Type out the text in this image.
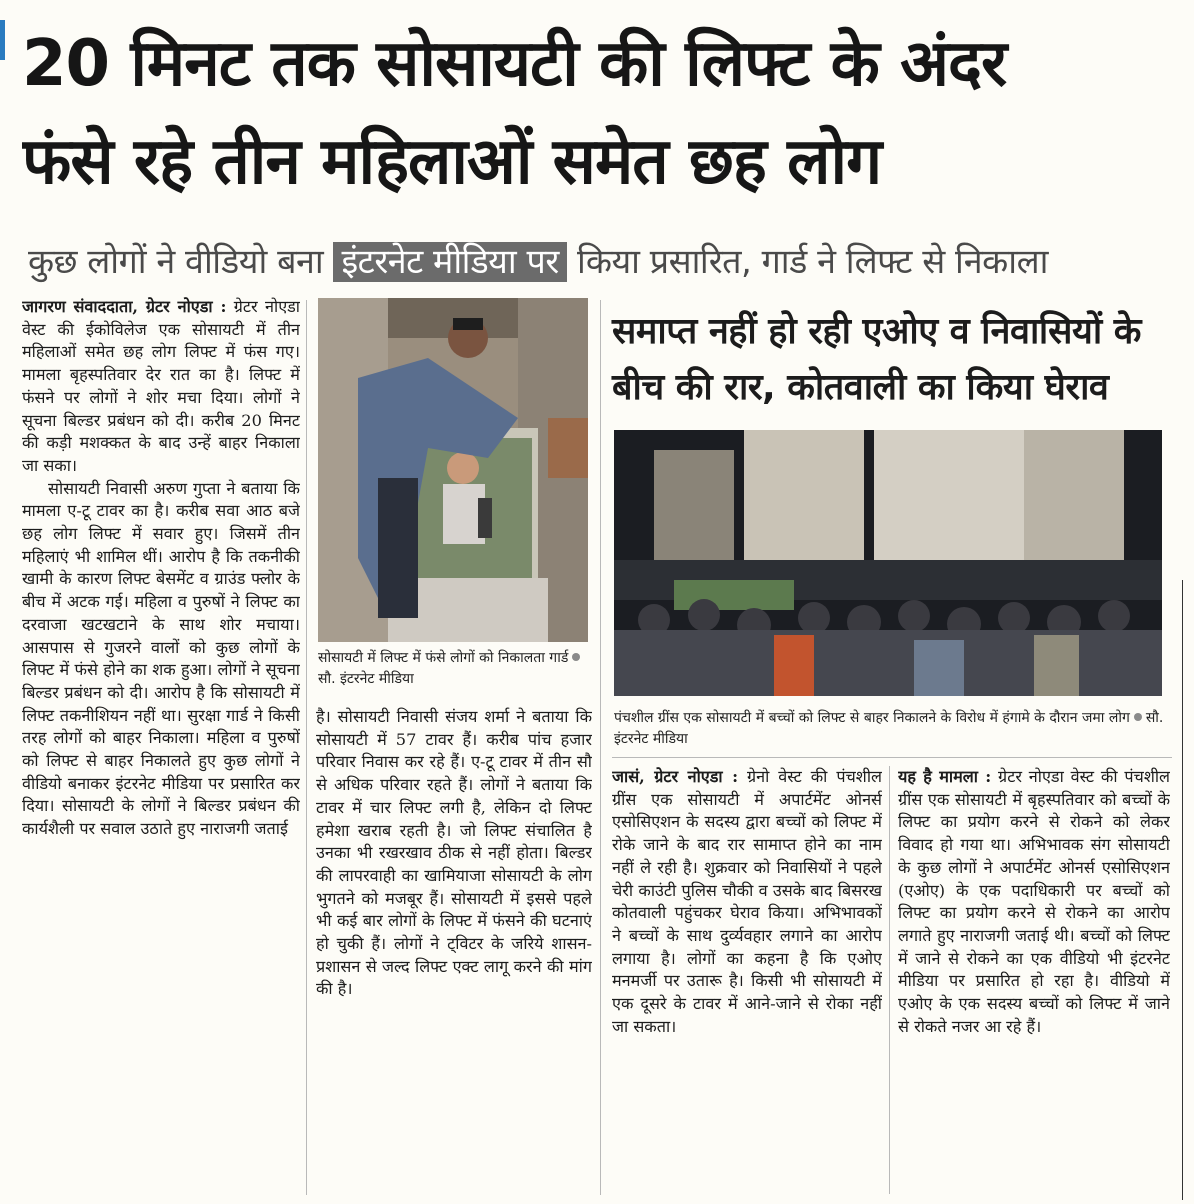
20 मिनट तक सोसायटी की लिफ्ट के अंदर
फंसे रहे तीन महिलाओं समेत छह लोग
कुछ लोगों ने वीडियो बना इंटरनेट मीडिया पर किया प्रसारित, गार्ड ने लिफ्ट से निकाला

जागरण संवाददाता, ग्रेटर नोएडा : ग्रेटर नोएडा वेस्ट की ईकोविलेज एक सोसायटी में तीन महिलाओं समेत छह लोग लिफ्ट में फंस गए। मामला बृहस्पतिवार देर रात का है। लिफ्ट में फंसने पर लोगों ने शोर मचा दिया। लोगों ने सूचना बिल्डर प्रबंधन को दी। करीब 20 मिनट की कड़ी मशक्कत के बाद उन्हें बाहर निकाला जा सका।

सोसायटी निवासी अरुण गुप्ता ने बताया कि मामला ए-टू टावर का है। करीब सवा आठ बजे छह लोग लिफ्ट में सवार हुए। जिसमें तीन महिलाएं भी शामिल थीं। आरोप है कि तकनीकी खामी के कारण लिफ्ट बेसमेंट व ग्राउंड फ्लोर के बीच में अटक गई। महिला व पुरुषों ने लिफ्ट का दरवाजा खटखटाने के साथ शोर मचाया। आसपास से गुजरने वालों को कुछ लोगों के लिफ्ट में फंसे होने का शक हुआ। लोगों ने सूचना बिल्डर प्रबंधन को दी। आरोप है कि सोसायटी में लिफ्ट तकनीशियन नहीं था। सुरक्षा गार्ड ने किसी तरह लोगों को बाहर निकाला। महिला व पुरुषों को लिफ्ट से बाहर निकालते हुए कुछ लोगों ने वीडियो बनाकर इंटरनेट मीडिया पर प्रसारित कर दिया। सोसायटी के लोगों ने बिल्डर प्रबंधन की कार्यशैली पर सवाल उठाते हुए नाराजगी जताई

सोसायटी में लिफ्ट में फंसे लोगों को निकालता गार्डसौ. इंटरनेट मीडिया

है। सोसायटी निवासी संजय शर्मा ने बताया कि सोसायटी में 57 टावर हैं। करीब पांच हजार परिवार निवास कर रहे हैं। ए-टू टावर में तीन सौ से अधिक परिवार रहते हैं। लोगों ने बताया कि टावर में चार लिफ्ट लगी है, लेकिन दो लिफ्ट हमेशा खराब रहती है। जो लिफ्ट संचालित है उनका भी रखरखाव ठीक से नहीं होता। बिल्डर की लापरवाही का खामियाजा सोसायटी के लोग भुगतने को मजबूर हैं। सोसायटी में इससे पहले भी कई बार लोगों के लिफ्ट में फंसने की घटनाएं हो चुकी हैं। लोगों ने ट्विटर के जरिये शासन-प्रशासन से जल्द लिफ्ट एक्ट लागू करने की मांग की है।

समाप्त नहीं हो रही एओए व निवासियों के बीच की रार, कोतवाली का किया घेराव
पंचशील ग्रींस एक सोसायटी में बच्चों को लिफ्ट से बाहर निकालने के विरोध में हंगामे के दौरान जमा लोग सौ. इंटरनेट मीडिया

जासं, ग्रेटर नोएडा : ग्रेनो वेस्ट की पंचशील ग्रींस एक सोसायटी में अपार्टमेंट ओनर्स एसोसिएशन के सदस्य द्वारा बच्चों को लिफ्ट में रोके जाने के बाद रार सामाप्त होने का नाम नहीं ले रही है। शुक्रवार को निवासियों ने पहले चेरी काउंटी पुलिस चौकी व उसके बाद बिसरख कोतवाली पहुंचकर घेराव किया। अभिभावकों ने बच्चों के साथ दुर्व्यवहार लगाने का आरोप लगाया है। लोगों का कहना है कि एओए मनमर्जी पर उतारू है। किसी भी सोसायटी में एक दूसरे के टावर में आने-जाने से रोका नहीं जा सकता।

यह है मामला : ग्रेटर नोएडा वेस्ट की पंचशील ग्रींस एक सोसायटी में बृहस्पतिवार को बच्चों के लिफ्ट का प्रयोग करने से रोकने को लेकर विवाद हो गया था। अभिभावक संग सोसायटी के कुछ लोगों ने अपार्टमेंट ओनर्स एसोसिएशन (एओए) के एक पदाधिकारी पर बच्चों को लिफ्ट का प्रयोग करने से रोकने का आरोप लगाते हुए नाराजगी जताई थी। बच्चों को लिफ्ट में जाने से रोकने का एक वीडियो भी इंटरनेट मीडिया पर प्रसारित हो रहा है। वीडियो में एओए के एक सदस्य बच्चों को लिफ्ट में जाने से रोकते नजर आ रहे हैं।
